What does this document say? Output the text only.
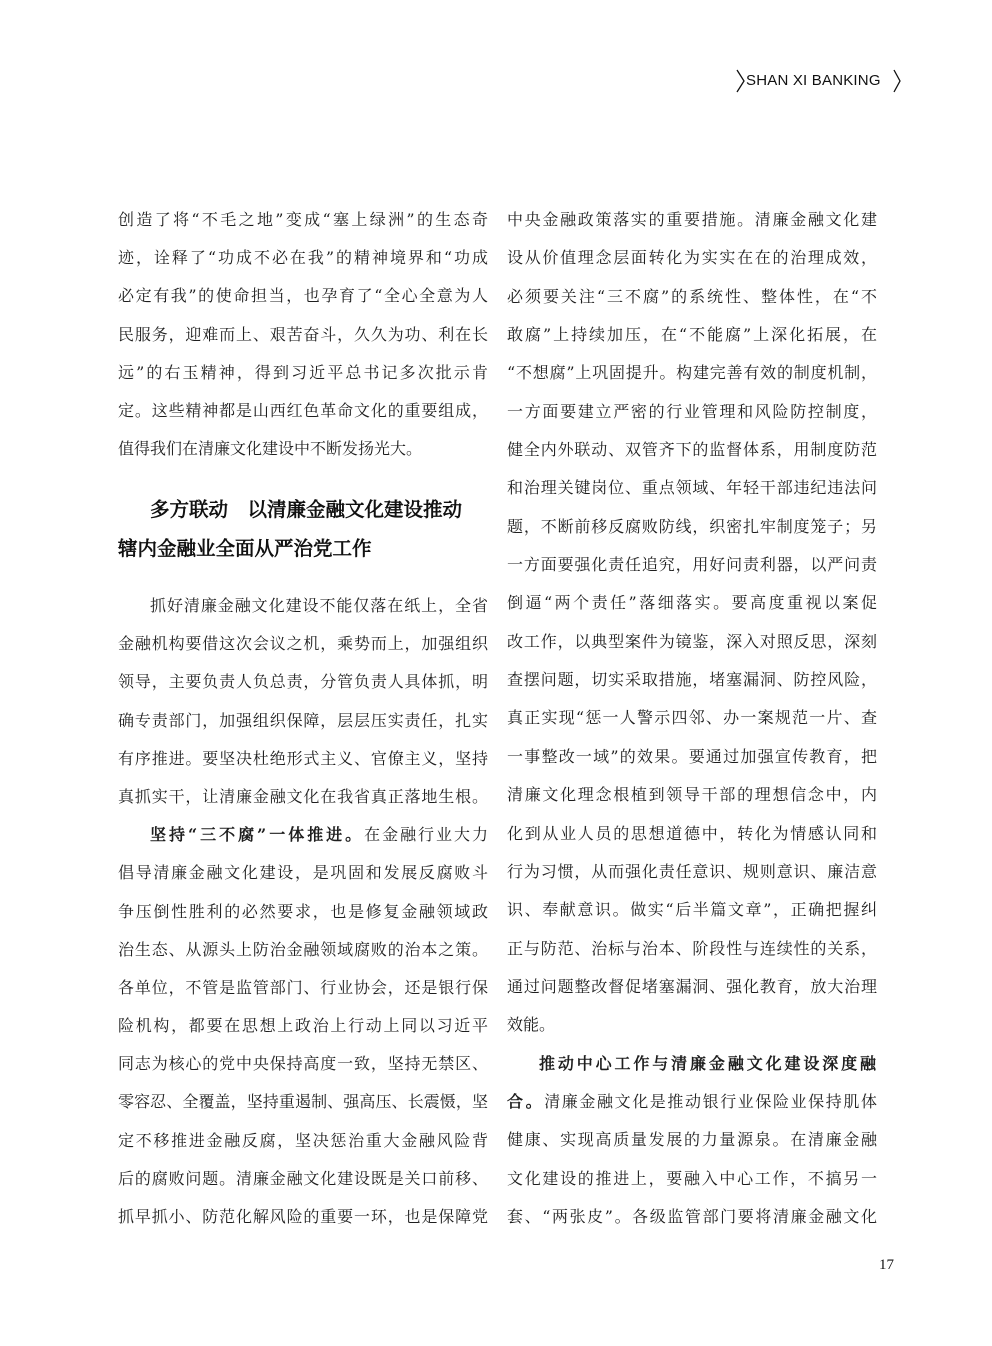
SHAN XI BANKING
创造了将“不毛之地”变成“塞上绿洲”的生态奇
迹，诠释了“功成不必在我”的精神境界和“功成
必定有我”的使命担当，也孕育了“全心全意为人
民服务，迎难而上、艰苦奋斗，久久为功、利在长
远”的右玉精神，得到习近平总书记多次批示肯
定。这些精神都是山西红色革命文化的重要组成，
值得我们在清廉文化建设中不断发扬光大。
多方联动　以清廉金融文化建设推动
辖内金融业全面从严治党工作
抓好清廉金融文化建设不能仅落在纸上，全省
金融机构要借这次会议之机，乘势而上，加强组织
领导，主要负责人负总责，分管负责人具体抓，明
确专责部门，加强组织保障，层层压实责任，扎实
有序推进。要坚决杜绝形式主义、官僚主义，坚持
真抓实干，让清廉金融文化在我省真正落地生根。
坚持“三不腐”一体推进。在金融行业大力
倡导清廉金融文化建设，是巩固和发展反腐败斗
争压倒性胜利的必然要求，也是修复金融领域政
治生态、从源头上防治金融领域腐败的治本之策。
各单位，不管是监管部门、行业协会，还是银行保
险机构，都要在思想上政治上行动上同以习近平
同志为核心的党中央保持高度一致，坚持无禁区、
零容忍、全覆盖，坚持重遏制、强高压、长震慑，坚
定不移推进金融反腐，坚决惩治重大金融风险背
后的腐败问题。清廉金融文化建设既是关口前移、
抓早抓小、防范化解风险的重要一环，也是保障党
中央金融政策落实的重要措施。清廉金融文化建
设从价值理念层面转化为实实在在的治理成效，
必须要关注“三不腐”的系统性、整体性，在“不
敢腐”上持续加压，在“不能腐”上深化拓展，在
“不想腐”上巩固提升。构建完善有效的制度机制，
一方面要建立严密的行业管理和风险防控制度，
健全内外联动、双管齐下的监督体系，用制度防范
和治理关键岗位、重点领域、年轻干部违纪违法问
题，不断前移反腐败防线，织密扎牢制度笼子；另
一方面要强化责任追究，用好问责利器，以严问责
倒逼“两个责任”落细落实。要高度重视以案促
改工作，以典型案件为镜鉴，深入对照反思，深刻
查摆问题，切实采取措施，堵塞漏洞、防控风险，
真正实现“惩一人警示四邻、办一案规范一片、查
一事整改一域”的效果。要通过加强宣传教育，把
清廉文化理念根植到领导干部的理想信念中，内
化到从业人员的思想道德中，转化为情感认同和
行为习惯，从而强化责任意识、规则意识、廉洁意
识、奉献意识。做实“后半篇文章”，正确把握纠
正与防范、治标与治本、阶段性与连续性的关系，
通过问题整改督促堵塞漏洞、强化教育，放大治理
效能。
推动中心工作与清廉金融文化建设深度融
合。清廉金融文化是推动银行业保险业保持肌体
健康、实现高质量发展的力量源泉。在清廉金融
文化建设的推进上，要融入中心工作，不搞另一
套、“两张皮”。各级监管部门要将清廉金融文化
17
